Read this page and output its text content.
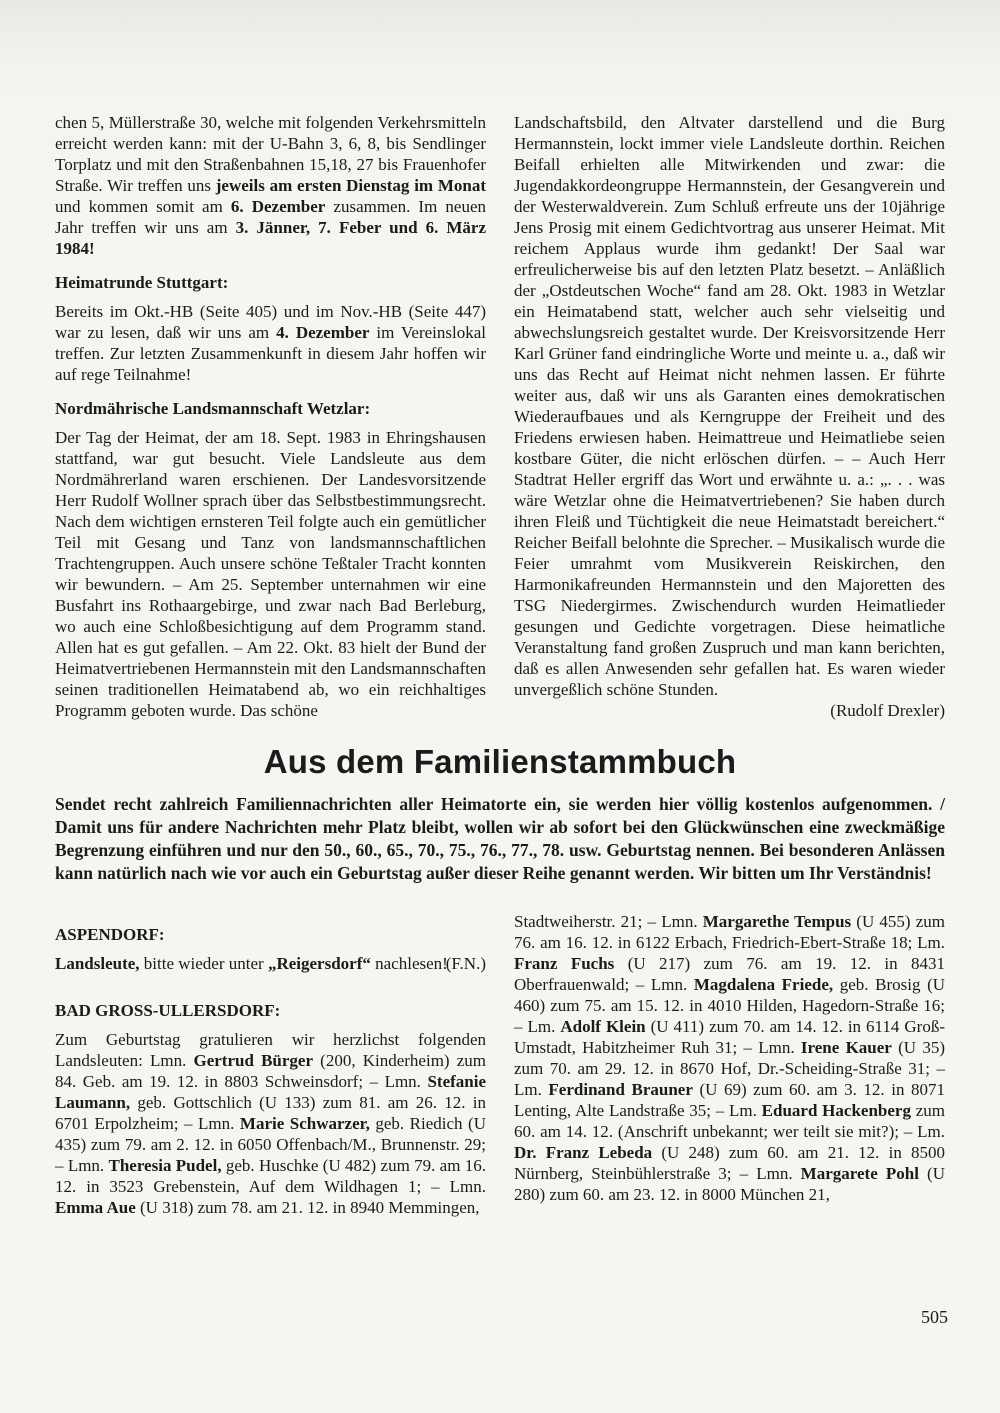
chen 5, Müllerstraße 30, welche mit folgenden Verkehrsmitteln erreicht werden kann: mit der U-Bahn 3, 6, 8, bis Sendlinger Torplatz und mit den Straßenbahnen 15,18, 27 bis Frauenhofer Straße. Wir treffen uns jeweils am ersten Dienstag im Monat und kommen somit am 6. Dezember zusammen. Im neuen Jahr treffen wir uns am 3. Jänner, 7. Feber und 6. März 1984!

Heimatrunde Stuttgart:

Bereits im Okt.-HB (Seite 405) und im Nov.-HB (Seite 447) war zu lesen, daß wir uns am 4. Dezember im Vereinslokal treffen. Zur letzten Zusammenkunft in diesem Jahr hoffen wir auf rege Teilnahme!

Nordmährische Landsmannschaft Wetzlar:

Der Tag der Heimat, der am 18. Sept. 1983 in Ehringshausen stattfand, war gut besucht. Viele Landsleute aus dem Nordmährerland waren erschienen. Der Landesvorsitzende Herr Rudolf Wollner sprach über das Selbstbestimmungsrecht. Nach dem wichtigen ernsteren Teil folgte auch ein gemütlicher Teil mit Gesang und Tanz von landsmannschaftlichen Trachtengruppen. Auch unsere schöne Teßtaler Tracht konnten wir bewundern. – Am 25. September unternahmen wir eine Busfahrt ins Rothaargebirge, und zwar nach Bad Berleburg, wo auch eine Schloßbesichtigung auf dem Programm stand. Allen hat es gut gefallen. – Am 22. Okt. 83 hielt der Bund der Heimatvertriebenen Hermannstein mit den Landsmannschaften seinen traditionellen Heimatabend ab, wo ein reichhaltiges Programm geboten wurde. Das schöne

Landschaftsbild, den Altvater darstellend und die Burg Hermannstein, lockt immer viele Landsleute dorthin. Reichen Beifall erhielten alle Mitwirkenden und zwar: die Jugendakkordeongruppe Hermannstein, der Gesangverein und der Westerwaldverein. Zum Schluß erfreute uns der 10jährige Jens Prosig mit einem Gedichtvortrag aus unserer Heimat. Mit reichem Applaus wurde ihm gedankt! Der Saal war erfreulicherweise bis auf den letzten Platz besetzt. – Anläßlich der „Ostdeutschen Woche“ fand am 28. Okt. 1983 in Wetzlar ein Heimatabend statt, welcher auch sehr vielseitig und abwechslungsreich gestaltet wurde. Der Kreisvorsitzende Herr Karl Grüner fand eindringliche Worte und meinte u. a., daß wir uns das Recht auf Heimat nicht nehmen lassen. Er führte weiter aus, daß wir uns als Garanten eines demokratischen Wiederaufbaues und als Kerngruppe der Freiheit und des Friedens erwiesen haben. Heimattreue und Heimatliebe seien kostbare Güter, die nicht erlöschen dürfen. – – Auch Herr Stadtrat Heller ergriff das Wort und erwähnte u. a.: „. . . was wäre Wetzlar ohne die Heimatvertriebenen? Sie haben durch ihren Fleiß und Tüchtigkeit die neue Heimatstadt bereichert.“ Reicher Beifall belohnte die Sprecher. – Musikalisch wurde die Feier umrahmt vom Musikverein Reiskirchen, den Harmonikafreunden Hermannstein und den Majoretten des TSG Niedergirmes. Zwischendurch wurden Heimatlieder gesungen und Gedichte vorgetragen. Diese heimatliche Veranstaltung fand großen Zuspruch und man kann berichten, daß es allen Anwesenden sehr gefallen hat. Es waren wieder unvergeßlich schöne Stunden.

(Rudolf Drexler)

Aus dem Familienstammbuch

Sendet recht zahlreich Familiennachrichten aller Heimatorte ein, sie werden hier völlig kostenlos aufgenommen. / Damit uns für andere Nachrichten mehr Platz bleibt, wollen wir ab sofort bei den Glückwünschen eine zweckmäßige Begrenzung einführen und nur den 50., 60., 65., 70., 75., 76., 77., 78. usw. Geburtstag nennen. Bei besonderen Anlässen kann natürlich nach wie vor auch ein Geburtstag außer dieser Reihe genannt werden. Wir bitten um Ihr Verständnis!

ASPENDORF:

Landsleute, bitte wieder unter „Reigersdorf“ nachlesen!

(F.N.)
BAD GROSS-ULLERSDORF:

Zum Geburtstag gratulieren wir herzlichst folgenden Landsleuten: Lmn. Gertrud Bürger (200, Kinderheim) zum 84. Geb. am 19. 12. in 8803 Schweinsdorf; – Lmn. Stefanie Laumann, geb. Gottschlich (U 133) zum 81. am 26. 12. in 6701 Erpolzheim; – Lmn. Marie Schwarzer, geb. Riedich (U 435) zum 79. am 2. 12. in 6050 Offenbach/M., Brunnenstr. 29; – Lmn. Theresia Pudel, geb. Huschke (U 482) zum 79. am 16. 12. in 3523 Grebenstein, Auf dem Wildhagen 1; – Lmn. Emma Aue (U 318) zum 78. am 21. 12. in 8940 Memmingen,

Stadtweiherstr. 21; – Lmn. Margarethe Tempus (U 455) zum 76. am 16. 12. in 6122 Erbach, Friedrich-Ebert-Straße 18; Lm. Franz Fuchs (U 217) zum 76. am 19. 12. in 8431 Oberfrauenwald; – Lmn. Magdalena Friede, geb. Brosig (U 460) zum 75. am 15. 12. in 4010 Hilden, Hagedorn-Straße 16; – Lm. Adolf Klein (U 411) zum 70. am 14. 12. in 6114 Groß-Umstadt, Habitzheimer Ruh 31; – Lmn. Irene Kauer (U 35) zum 70. am 29. 12. in 8670 Hof, Dr.-Scheiding-Straße 31; – Lm. Ferdinand Brauner (U 69) zum 60. am 3. 12. in 8071 Lenting, Alte Landstraße 35; – Lm. Eduard Hackenberg zum 60. am 14. 12. (Anschrift unbekannt; wer teilt sie mit?); – Lm. Dr. Franz Lebeda (U 248) zum 60. am 21. 12. in 8500 Nürnberg, Steinbühlerstraße 3; – Lmn. Margarete Pohl (U 280) zum 60. am 23. 12. in 8000 München 21,

505
